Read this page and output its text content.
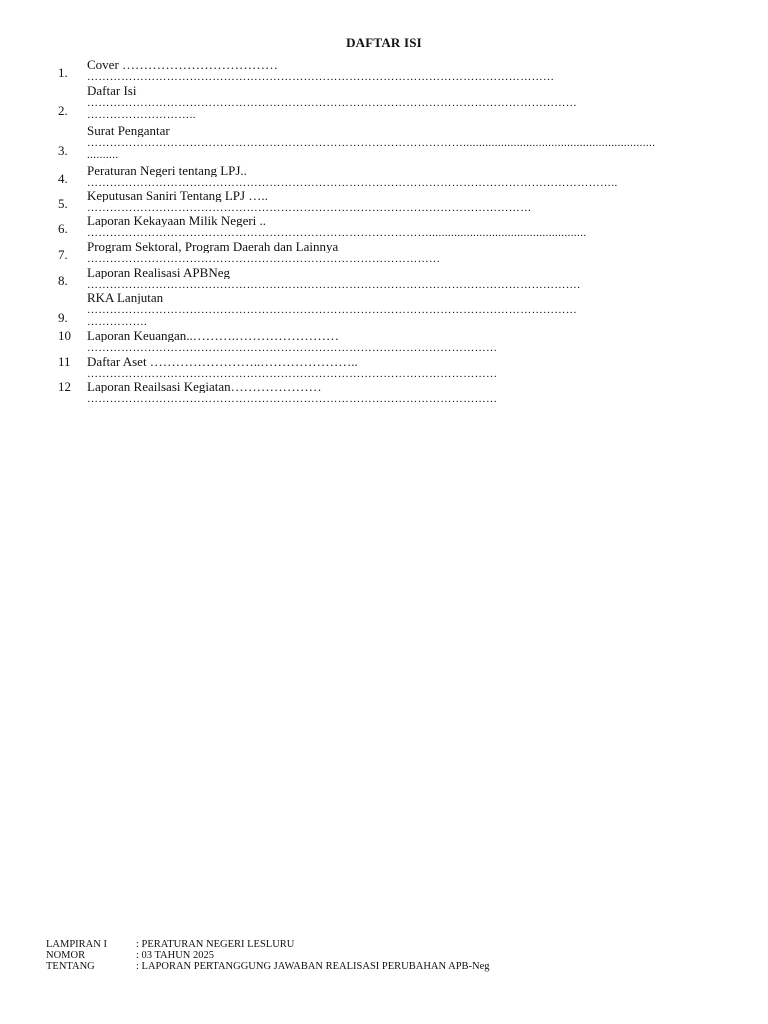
DAFTAR ISI
1.
Cover ………………………………
……………………………………………………………………………………………………………
2.
Daftar Isi
…………………………………………………………………………………………………………………
………………………..
3.
Surat Pengantar
……………………………………………………………………………………….............................................................
..........
4.
Peraturan Negeri tentang LPJ..
…………………………………………………………………………………………………………………………..
5.
Keputusan Saniri Tentang LPJ …..
………………………………………………………………………………………………………
6.
Laporan Kekayaan Milik Negeri ..
………………………………………………………………………………..................................................
7.
Program Sektoral, Program Daerah dan Lainnya
…………………………………………………………………………………
8.
Laporan Realisasi APBNeg
………………………………………………………………………………………………………………….
9.
RKA Lanjutan
…………………………………………………………………………………………………………………
…………….
10	Laporan Keuangan..……….……………………
………………………………………………………………………………………………
11	Daftar Aset ……………………..…………………..
………………………………………………………………………………………………
12	Laporan Reailsasi Kegiatan…………………
………………………………………………………………………………………………
LAMPIRAN I	: PERATURAN NEGERI LESLURU
NOMOR	: 03 TAHUN 2025
TENTANG	: LAPORAN PERTANGGUNG JAWABAN REALISASI PERUBAHAN APB-Neg
